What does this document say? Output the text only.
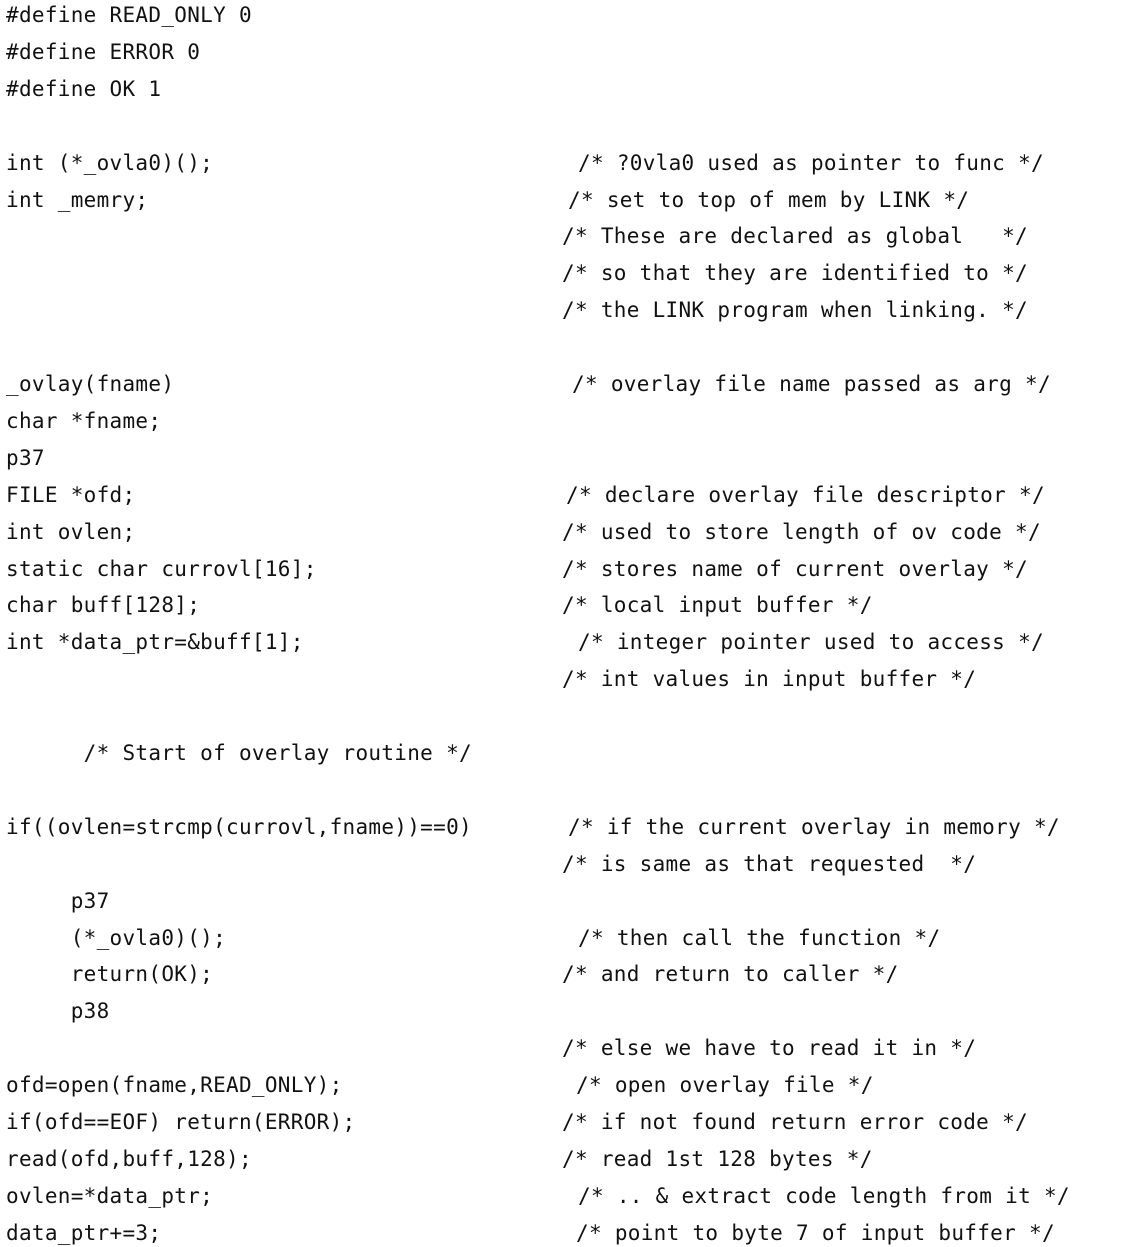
#define READ_ONLY 0
#define ERROR 0
#define OK 1
int (*_ovla0)();	/* ?0vla0 used as pointer to func */
int _memry;	/* set to top of mem by LINK */
/* These are declared as global   */
/* so that they are identified to */
/* the LINK program when linking. */
_ovlay(fname)	/* overlay file name passed as arg */
char *fname;
p37
FILE *ofd;	/* declare overlay file descriptor */
int ovlen;	/* used to store length of ov code */
static char currovl[16];	/* stores name of current overlay */
char buff[128];	/* local input buffer */
int *data_ptr=&buff[1];	/* integer pointer used to access */
/* int values in input buffer */
/* Start of overlay routine */
if((ovlen=strcmp(currovl,fname))==0)	/* if the current overlay in memory */
/* is same as that requested  */
p37
(*_ovla0)();	/* then call the function */
return(OK);	/* and return to caller */
p38
/* else we have to read it in */
ofd=open(fname,READ_ONLY);	/* open overlay file */
if(ofd==EOF) return(ERROR);	/* if not found return error code */
read(ofd,buff,128);	/* read 1st 128 bytes */
ovlen=*data_ptr;	/* .. & extract code length from it */
data_ptr+=3;	/* point to byte 7 of input buffer */
